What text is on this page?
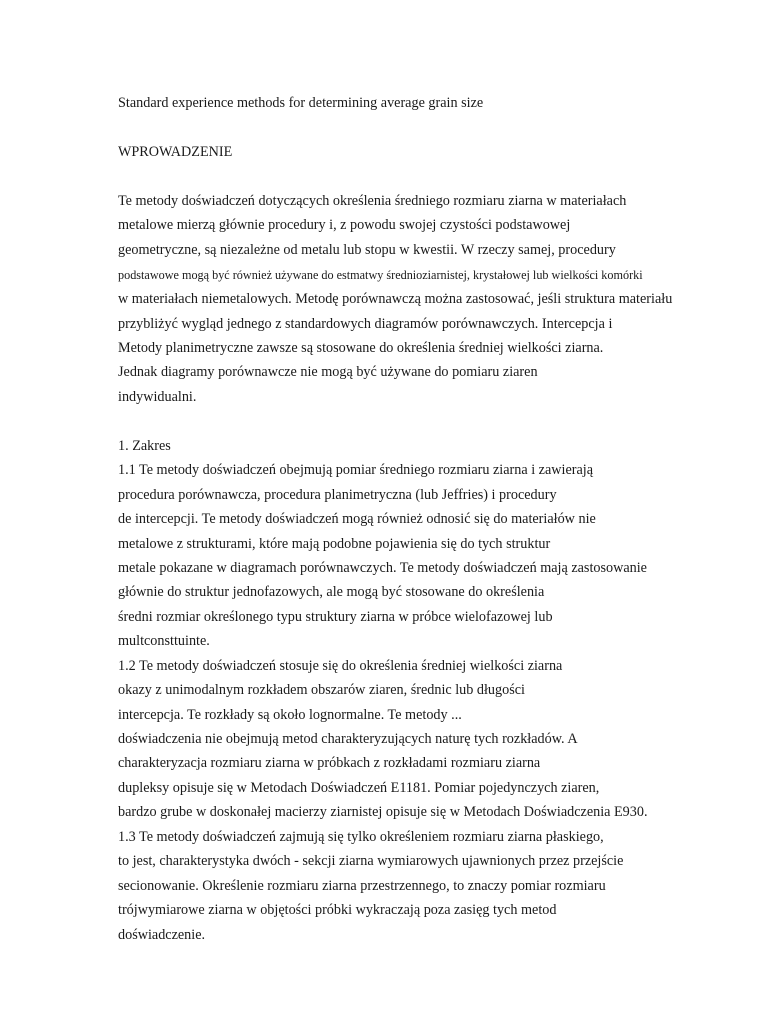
Standard experience methods for determining average grain size
WPROWADZENIE
Te metody doświadczeń dotyczących określenia średniego rozmiaru ziarna w materiałach
metalowe mierzą głównie procedury i, z powodu swojej czystości podstawowej
geometryczne, są niezależne od metalu lub stopu w kwestii. W rzeczy samej, procedury
podstawowe mogą być również używane do estmatwy średnioziarnistej, krystałowej lub wielkości komórki
w materiałach niemetalowych. Metodę porównawczą można zastosować, jeśli struktura materiału
przybliżyć wygląd jednego z standardowych diagramów porównawczych. Intercepcja i
Metody planimetryczne zawsze są stosowane do określenia średniej wielkości ziarna.
Jednak diagramy porównawcze nie mogą być używane do pomiaru ziaren
indywidualni.
1. Zakres
1.1 Te metody doświadczeń obejmują pomiar średniego rozmiaru ziarna i zawierają
procedura porównawcza, procedura planimetryczna (lub Jeffries) i procedury
de intercepcji. Te metody doświadczeń mogą również odnosić się do materiałów nie
metalowe z strukturami, które mają podobne pojawienia się do tych struktur
metale pokazane w diagramach porównawczych. Te metody doświadczeń mają zastosowanie
głównie do struktur jednofazowych, ale mogą być stosowane do określenia
średni rozmiar określonego typu struktury ziarna w próbce wielofazowej lub
multconsttuinte.
1.2 Te metody doświadczeń stosuje się do określenia średniej wielkości ziarna
okazy z unimodalnym rozkładem obszarów ziaren, średnic lub długości
intercepcja. Te rozkłady są około lognormalne. Te metody ...
doświadczenia nie obejmują metod charakteryzujących naturę tych rozkładów. A
charakteryzacja rozmiaru ziarna w próbkach z rozkładami rozmiaru ziarna
dupleksy opisuje się w Metodach Doświadczeń E1181. Pomiar pojedynczych ziaren,
bardzo grube w doskonałej macierzy ziarnistej opisuje się w Metodach Doświadczenia E930.
1.3 Te metody doświadczeń zajmują się tylko określeniem rozmiaru ziarna płaskiego,
to jest, charakterystyka dwóch - sekcji ziarna wymiarowych ujawnionych przez przejście
secionowanie. Określenie rozmiaru ziarna przestrzennego, to znaczy pomiar rozmiaru
trójwymiarowe ziarna w objętości próbki wykraczają poza zasięg tych metod
doświadczenie.
